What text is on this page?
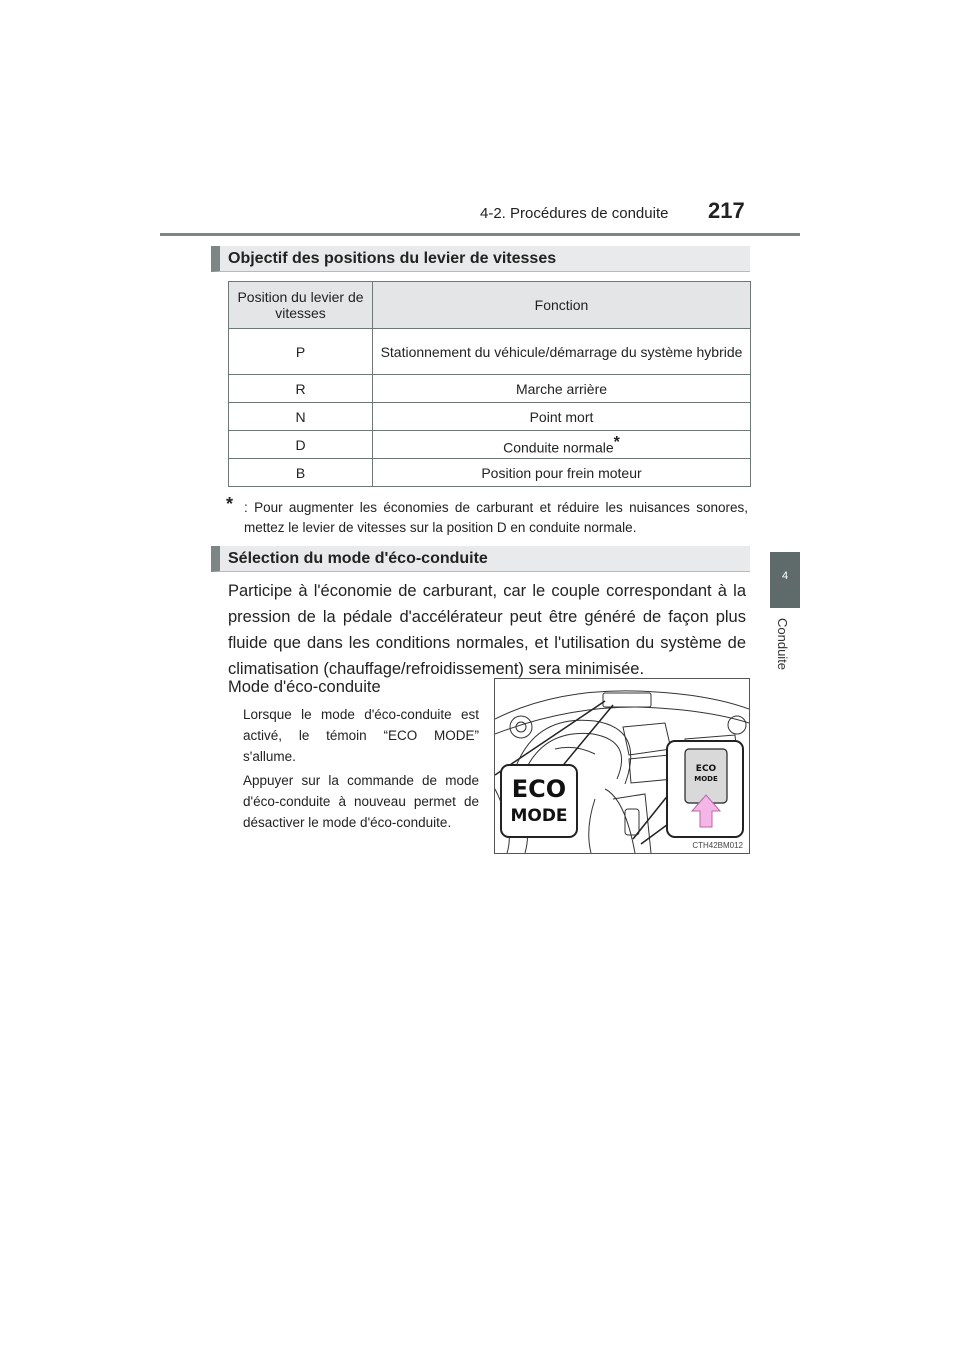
4-2. Procédures de conduite 217
4
Conduite
Objectif des positions du levier de vitesses
Position du levier de vitesses	Fonction
P	Stationnement du véhicule/démarrage du système hybride
R	Marche arrière
N	Point mort
D	Conduite normale*
B	Position pour frein moteur
* : Pour augmenter les économies de carburant et réduire les nuisances sonores, mettez le levier de vitesses sur la position D en conduite normale.
Sélection du mode d'éco-conduite
Participe à l'économie de carburant, car le couple correspondant à la pression de la pédale d'accélérateur peut être généré de façon plus fluide que dans les conditions normales, et l'utilisation du système de climatisation (chauffage/refroidissement) sera minimisée.
Mode d'éco-conduite
Lorsque le mode d'éco-conduite est activé, le témoin “ECO MODE” s'allume.
Appuyer sur la commande de mode d'éco-conduite à nouveau permet de désactiver le mode d'éco-conduite.
ECO
MODE
ECO
MODE
CTH42BM012
